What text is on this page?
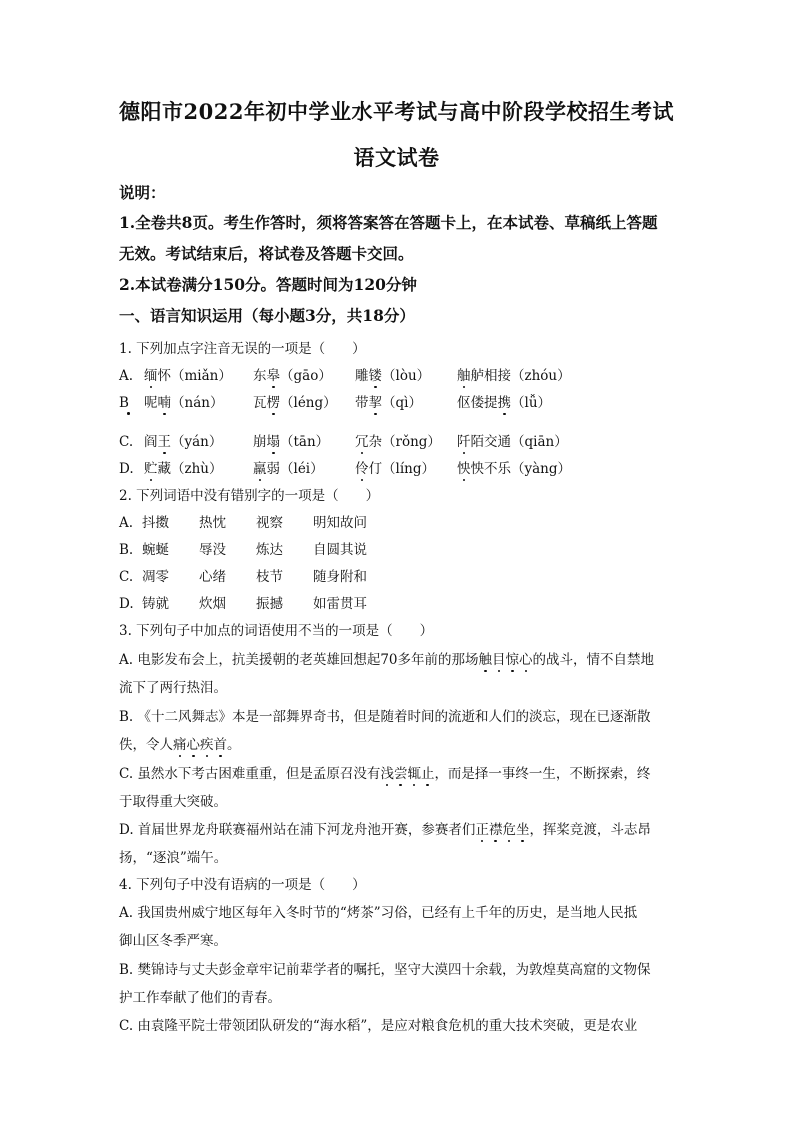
德阳市2022年初中学业水平考试与高中阶段学校招生考试
语文试卷
说明：
1.全卷共8页。考生作答时，须将答案答在答题卡上，在本试卷、草稿纸上答题
无效。考试结束后，将试卷及答题卡交回。
2.本试卷满分150分。答题时间为120分钟
一、语言知识运用（每小题3分，共18分）
1. 下列加点字注音无误的一项是（　　）
A. 缅怀（miǎn） 东皋（gāo） 雕镂（lòu） 舳舻相接（zhóu）
B 呢喃（nán） 瓦楞（léng） 带挈（qì）	伛偻提携（lǚ）
C. 阎王（yán） 崩塌（tān） 冗杂（rǒng） 阡陌交通（qiān）
D. 贮藏（zhù） 羸弱（léi） 伶仃（líng） 怏怏不乐（yàng）
2. 下列词语中没有错别字的一项是（　　）
A. 抖擞 热忱 视察 明知故问
B. 蜿蜒 辱没 炼达 自圆其说
C. 凋零 心绪 枝节 随身附和
D. 铸就 炊烟 振撼 如雷贯耳
3. 下列句子中加点的词语使用不当的一项是（　　）
A. 电影发布会上，抗美援朝的老英雄回想起70多年前的那场触目惊心的战斗，情不自禁地
流下了两行热泪。
B. 《十二风舞志》本是一部舞界奇书，但是随着时间的流逝和人们的淡忘，现在已逐渐散
佚，令人痛心疾首。
C. 虽然水下考古困难重重，但是孟原召没有浅尝辄止，而是择一事终一生，不断探索，终
于取得重大突破。
D. 首届世界龙舟联赛福州站在浦下河龙舟池开赛，参赛者们正襟危坐，挥桨竞渡，斗志昂
扬，“逐浪”端午。
4. 下列句子中没有语病的一项是（　　）
A. 我国贵州威宁地区每年入冬时节的“烤茶”习俗，已经有上千年的历史，是当地人民抵
御山区冬季严寒。
B. 樊锦诗与丈夫彭金章牢记前辈学者的嘱托，坚守大漠四十余载，为敦煌莫高窟的文物保
护工作奉献了他们的青春。
C. 由袁隆平院士带领团队研发的“海水稻”，是应对粮食危机的重大技术突破，更是农业
